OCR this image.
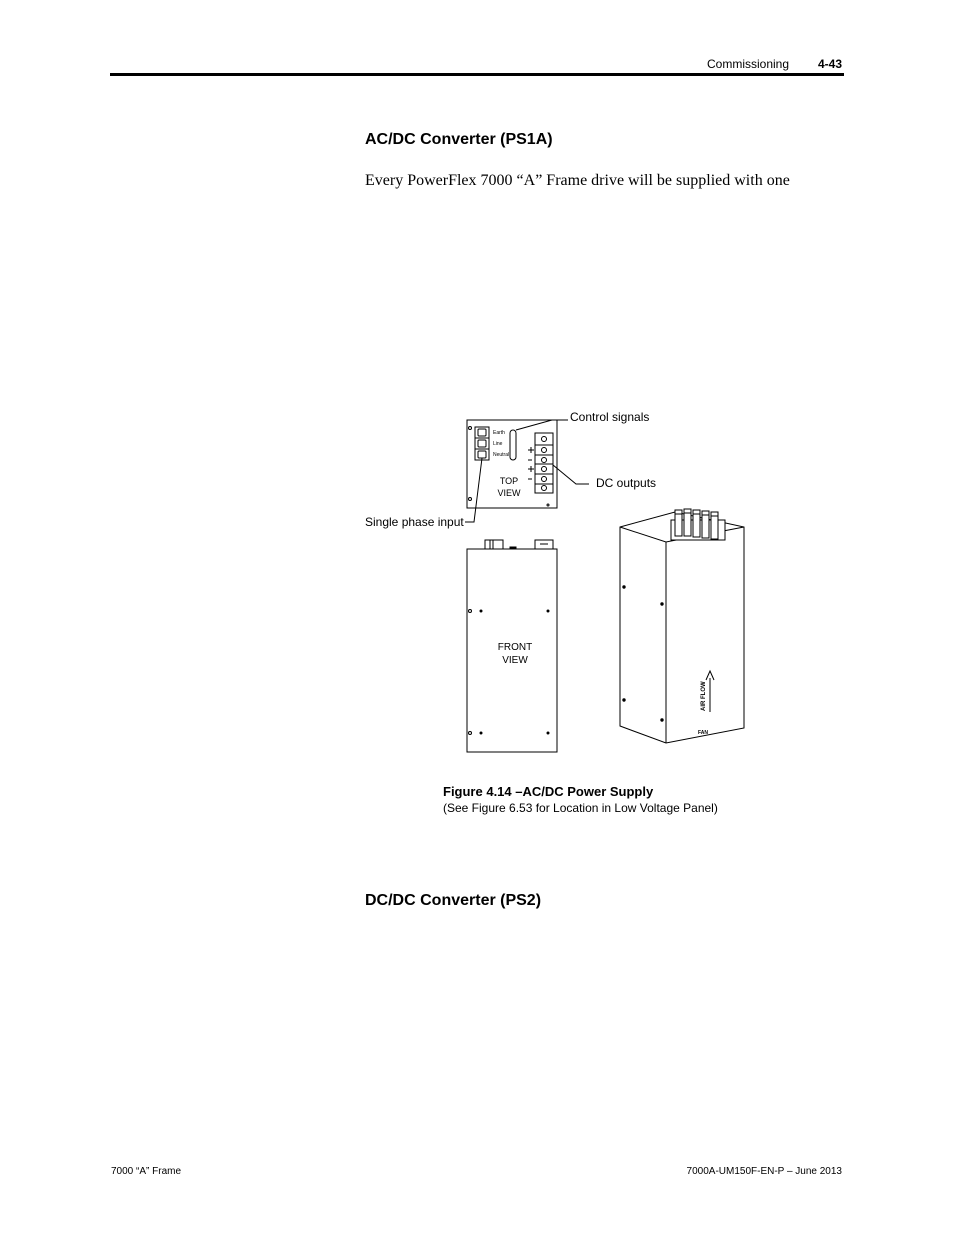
Commissioning 4-43
AC/DC Converter (PS1A)
Every PowerFlex 7000 “A” Frame drive will be supplied with one
Earth
Line
Neutral
TOP
VIEW
FRONT
VIEW
AIR FLOW
FAN
Control signals
DC outputs
Single phase input
Figure 4.14 –AC/DC Power Supply
(See Figure 6.53 for Location in Low Voltage Panel)
DC/DC Converter (PS2)
7000 “A” Frame	7000A-UM150F-EN-P – June 2013
